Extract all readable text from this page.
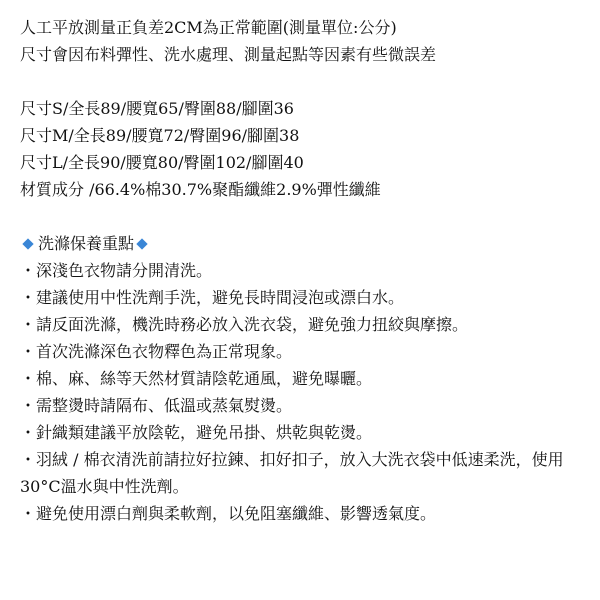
人工平放測量正負差2CM為正常範圍(測量單位:公分)
尺寸會因布料彈性、洗水處理、測量起點等因素有些微誤差
尺寸S/全長89/腰寬65/臀圍88/腳圍36
尺寸M/全長89/腰寬72/臀圍96/腳圍38
尺寸L/全長90/腰寬80/臀圍102/腳圍40
材質成分 /66.4%棉30.7%聚酯纖維2.9%彈性纖維
洗滌保養重點
・深淺色衣物請分開清洗。
・建議使用中性洗劑手洗，避免長時間浸泡或漂白水。
・請反面洗滌，機洗時務必放入洗衣袋，避免強力扭絞與摩擦。
・首次洗滌深色衣物釋色為正常現象。
・棉、麻、絲等天然材質請陰乾通風，避免曝曬。
・需整燙時請隔布、低溫或蒸氣熨燙。
・針織類建議平放陰乾，避免吊掛、烘乾與乾燙。
・羽絨 / 棉衣清洗前請拉好拉鍊、扣好扣子，放入大洗衣袋中低速柔洗，使用30°C溫水與中性洗劑。
・避免使用漂白劑與柔軟劑，以免阻塞纖維、影響透氣度。
